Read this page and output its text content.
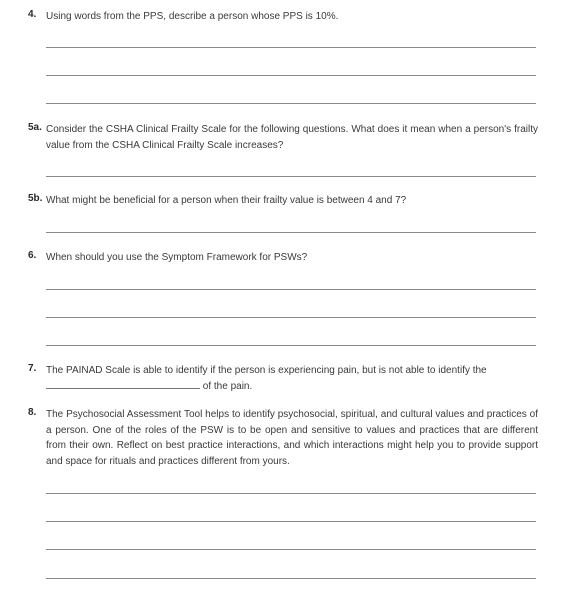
4. Using words from the PPS, describe a person whose PPS is 10%.
5a. Consider the CSHA Clinical Frailty Scale for the following questions. What does it mean when a person's frailty value from the CSHA Clinical Frailty Scale increases?
5b. What might be beneficial for a person when their frailty value is between 4 and 7?
6. When should you use the Symptom Framework for PSWs?
7. The PAINAD Scale is able to identify if the person is experiencing pain, but is not able to identify the
of the pain.
8. The Psychosocial Assessment Tool helps to identify psychosocial, spiritual, and cultural values and practices of a person. One of the roles of the PSW is to be open and sensitive to values and practices that are different from their own. Reflect on best practice interactions, and which interactions might help you to provide support and space for rituals and practices different from yours.
